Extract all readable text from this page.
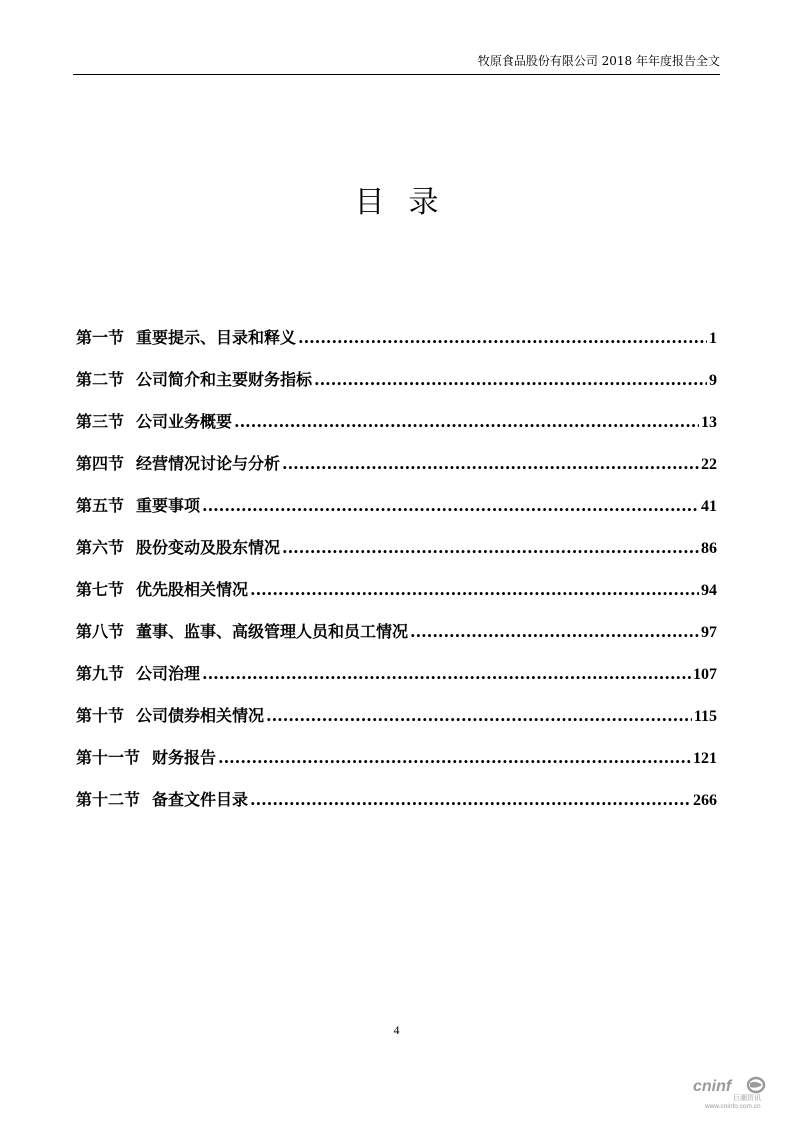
牧原食品股份有限公司 2018 年年度报告全文
目录
第一节 重要提示、目录和释义 .....	1
第二节 公司简介和主要财务指标 .....	9
第三节 公司业务概要 .....	13
第四节 经营情况讨论与分析 .....	22
第五节 重要事项 .....	41
第六节 股份变动及股东情况 .....	86
第七节 优先股相关情况 .....	94
第八节 董事、监事、高级管理人员和员工情况 .....	97
第九节 公司治理 .....	107
第十节 公司债券相关情况 .....	115
第十一节 财务报告 .....	121
第十二节 备查文件目录 .....	266
4
cninf
巨潮资讯
www.cninfo.com.cn
